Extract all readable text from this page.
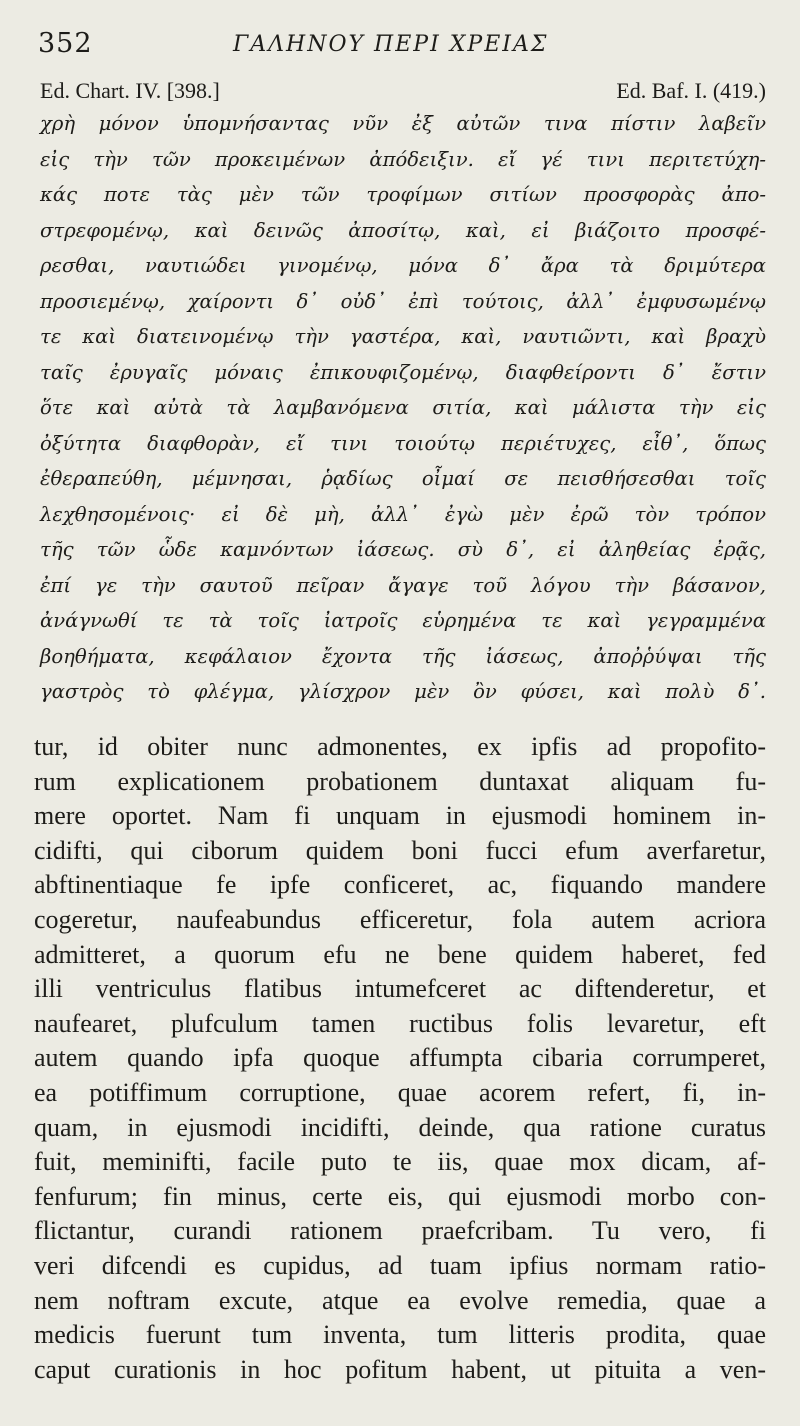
352	ΓΑΛΗΝΟΥ ΠΕΡΙ ΧΡΕΙΑΣ
Ed. Chart. IV. [398.]	Ed. Baf. I. (419.)
χρὴ μόνον ὑπομνήσαντας νῦν ἐξ αὐτῶν τινα πίστιν λαβεῖν
εἰς τὴν τῶν προκειμένων ἀπόδειξιν. εἴ γέ τινι περιτετύχη-
κάς ποτε τὰς μὲν τῶν τροφίμων σιτίων προσφορὰς ἀπο-
στρεφομένῳ, καὶ δεινῶς ἀποσίτῳ, καὶ, εἰ βιάζοιτο προσφέ-
ρεσθαι, ναυτιώδει γινομένῳ, μόνα δ᾽ ἄρα τὰ δριμύτερα
προσιεμένῳ, χαίροντι δ᾽ οὐδ᾽ ἐπὶ τούτοις, ἀλλ᾽ ἐμφυσωμένῳ
τε καὶ διατεινομένῳ τὴν γαστέρα, καὶ, ναυτιῶντι, καὶ βραχὺ
ταῖς ἐρυγαῖς μόναις ἐπικουφιζομένῳ, διαφθείροντι δ᾽ ἔστιν
ὅτε καὶ αὐτὰ τὰ λαμβανόμενα σιτία, καὶ μάλιστα τὴν εἰς
ὀξύτητα διαφθορὰν, εἴ τινι τοιούτῳ περιέτυχες, εἶθ᾽, ὅπως
ἐθεραπεύθη, μέμνησαι, ῥᾳδίως οἶμαί σε πεισθήσεσθαι τοῖς
λεχθησομένοις· εἰ δὲ μὴ, ἀλλ᾽ ἐγὼ μὲν ἐρῶ τὸν τρόπον
τῆς τῶν ὧδε καμνόντων ἰάσεως. σὺ δ᾽, εἰ ἀληθείας ἐρᾷς,
ἐπί γε τὴν σαυτοῦ πεῖραν ἄγαγε τοῦ λόγου τὴν βάσανον,
ἀνάγνωθί τε τὰ τοῖς ἰατροῖς εὑρημένα τε καὶ γεγραμμένα
βοηθήματα, κεφάλαιον ἔχοντα τῆς ἰάσεως, ἀποῤῥύψαι τῆς
γαστρὸς τὸ φλέγμα, γλίσχρον μὲν ὂν φύσει, καὶ πολὺ δ᾽.
tur, id obiter nunc admonentes, ex ipfis ad propofito-
rum explicationem probationem duntaxat aliquam fu-
mere oportet. Nam fi unquam in ejusmodi hominem in-
cidifti, qui ciborum quidem boni fucci efum averfaretur,
abftinentiaque fe ipfe conficeret, ac, fiquando mandere
cogeretur, naufeabundus efficeretur, fola autem acriora
admitteret, a quorum efu ne bene quidem haberet, fed
illi ventriculus flatibus intumefceret ac diftenderetur, et
naufearet, plufculum tamen ructibus folis levaretur, eft
autem quando ipfa quoque affumpta cibaria corrumperet,
ea potiffimum corruptione, quae acorem refert, fi, in-
quam, in ejusmodi incidifti, deinde, qua ratione curatus
fuit, meminifti, facile puto te iis, quae mox dicam, af-
fenfurum; fin minus, certe eis, qui ejusmodi morbo con-
flictantur, curandi rationem praefcribam. Tu vero, fi
veri difcendi es cupidus, ad tuam ipfius normam ratio-
nem noftram excute, atque ea evolve remedia, quae a
medicis fuerunt tum inventa, tum litteris prodita, quae
caput curationis in hoc pofitum habent, ut pituita a ven-
